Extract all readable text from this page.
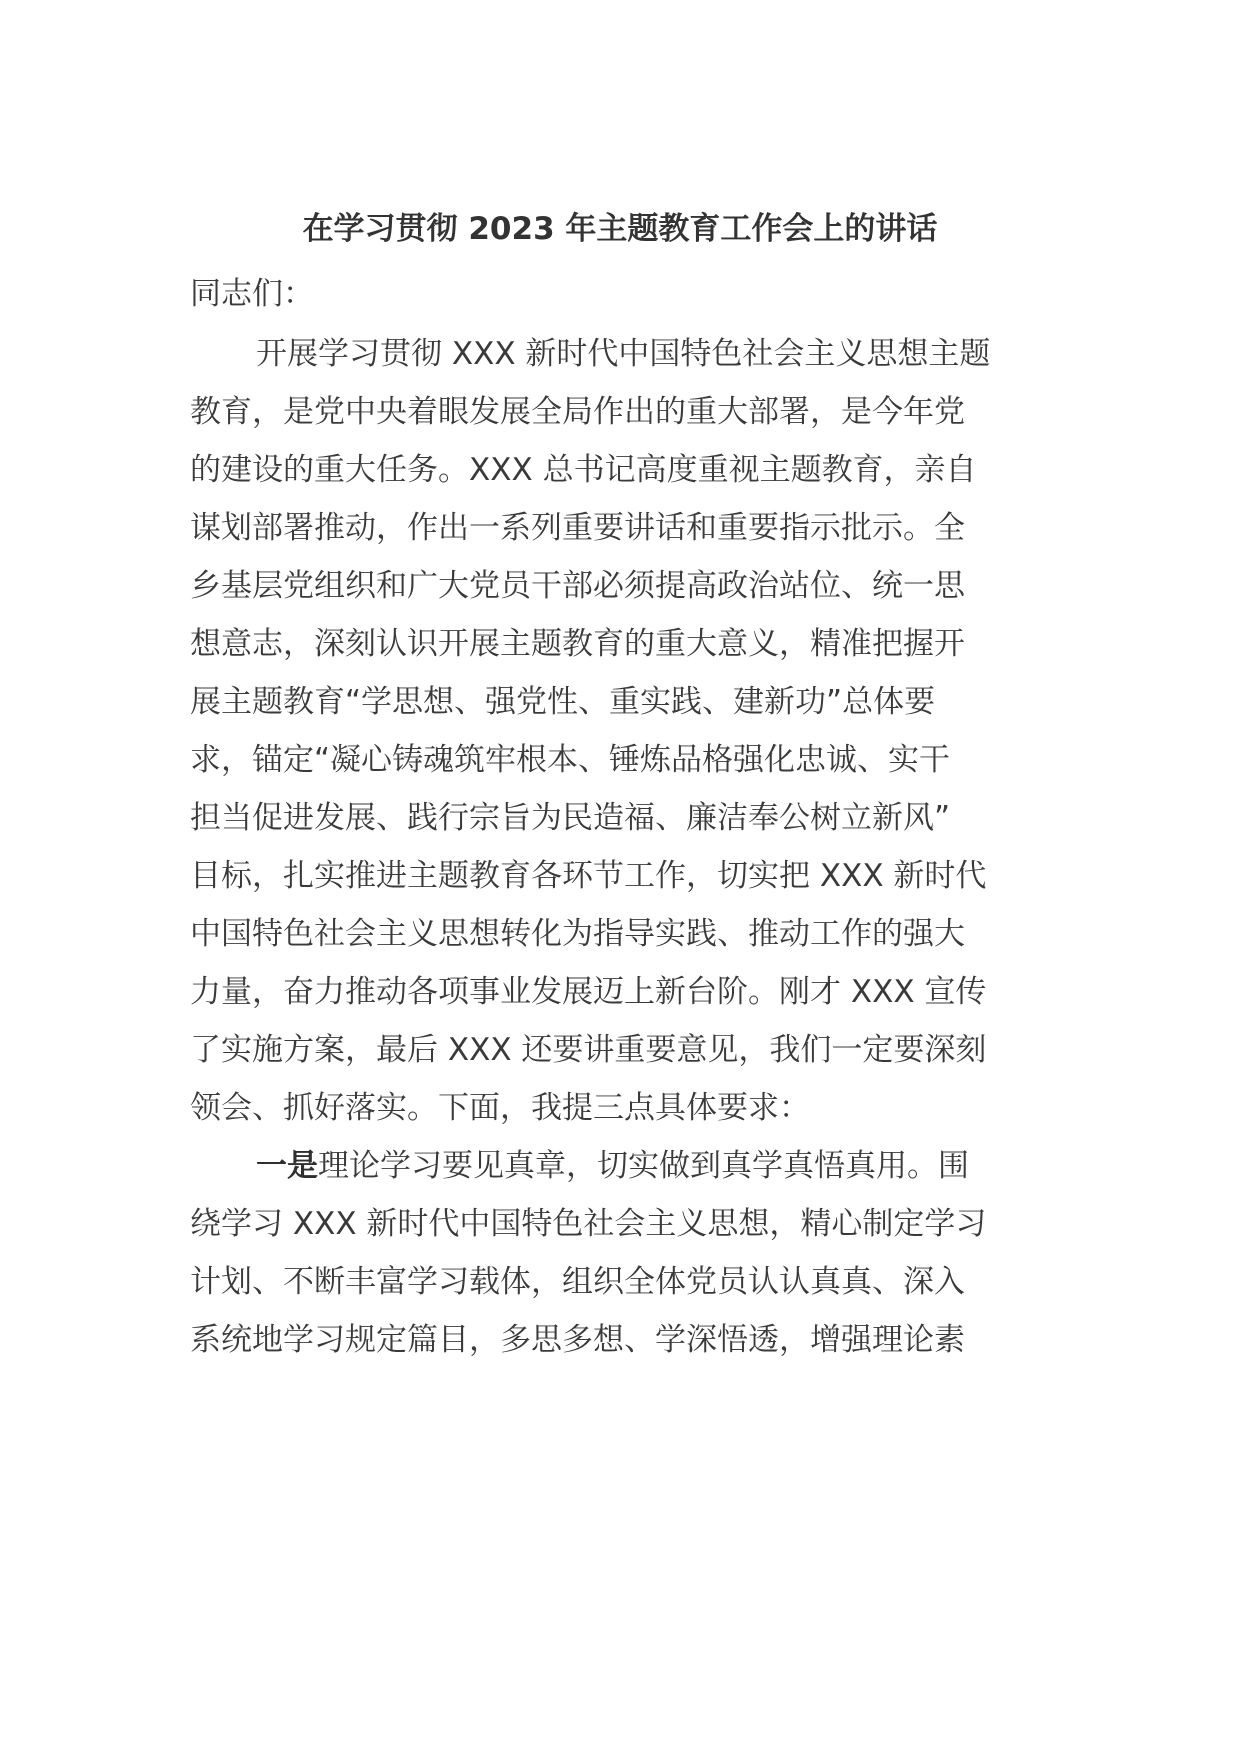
在学习贯彻 2023 年主题教育工作会上的讲话

同志们：

开展学习贯彻 XXX 新时代中国特色社会主义思想主题

教育，是党中央着眼发展全局作出的重大部署，是今年党

的建设的重大任务。XXX 总书记高度重视主题教育，亲自

谋划部署推动，作出一系列重要讲话和重要指示批示。全

乡基层党组织和广大党员干部必须提高政治站位、统一思

想意志，深刻认识开展主题教育的重大意义，精准把握开

展主题教育“学思想、强党性、重实践、建新功”总体要

求，锚定“凝心铸魂筑牢根本、锤炼品格强化忠诚、实干

担当促进发展、践行宗旨为民造福、廉洁奉公树立新风”

目标，扎实推进主题教育各环节工作，切实把 XXX 新时代

中国特色社会主义思想转化为指导实践、推动工作的强大

力量，奋力推动各项事业发展迈上新台阶。刚才 XXX 宣传

了实施方案，最后 XXX 还要讲重要意见，我们一定要深刻

领会、抓好落实。下面，我提三点具体要求：

一是理论学习要见真章，切实做到真学真悟真用。围

绕学习 XXX 新时代中国特色社会主义思想，精心制定学习

计划、不断丰富学习载体，组织全体党员认认真真、深入

系统地学习规定篇目，多思多想、学深悟透，增强理论素
